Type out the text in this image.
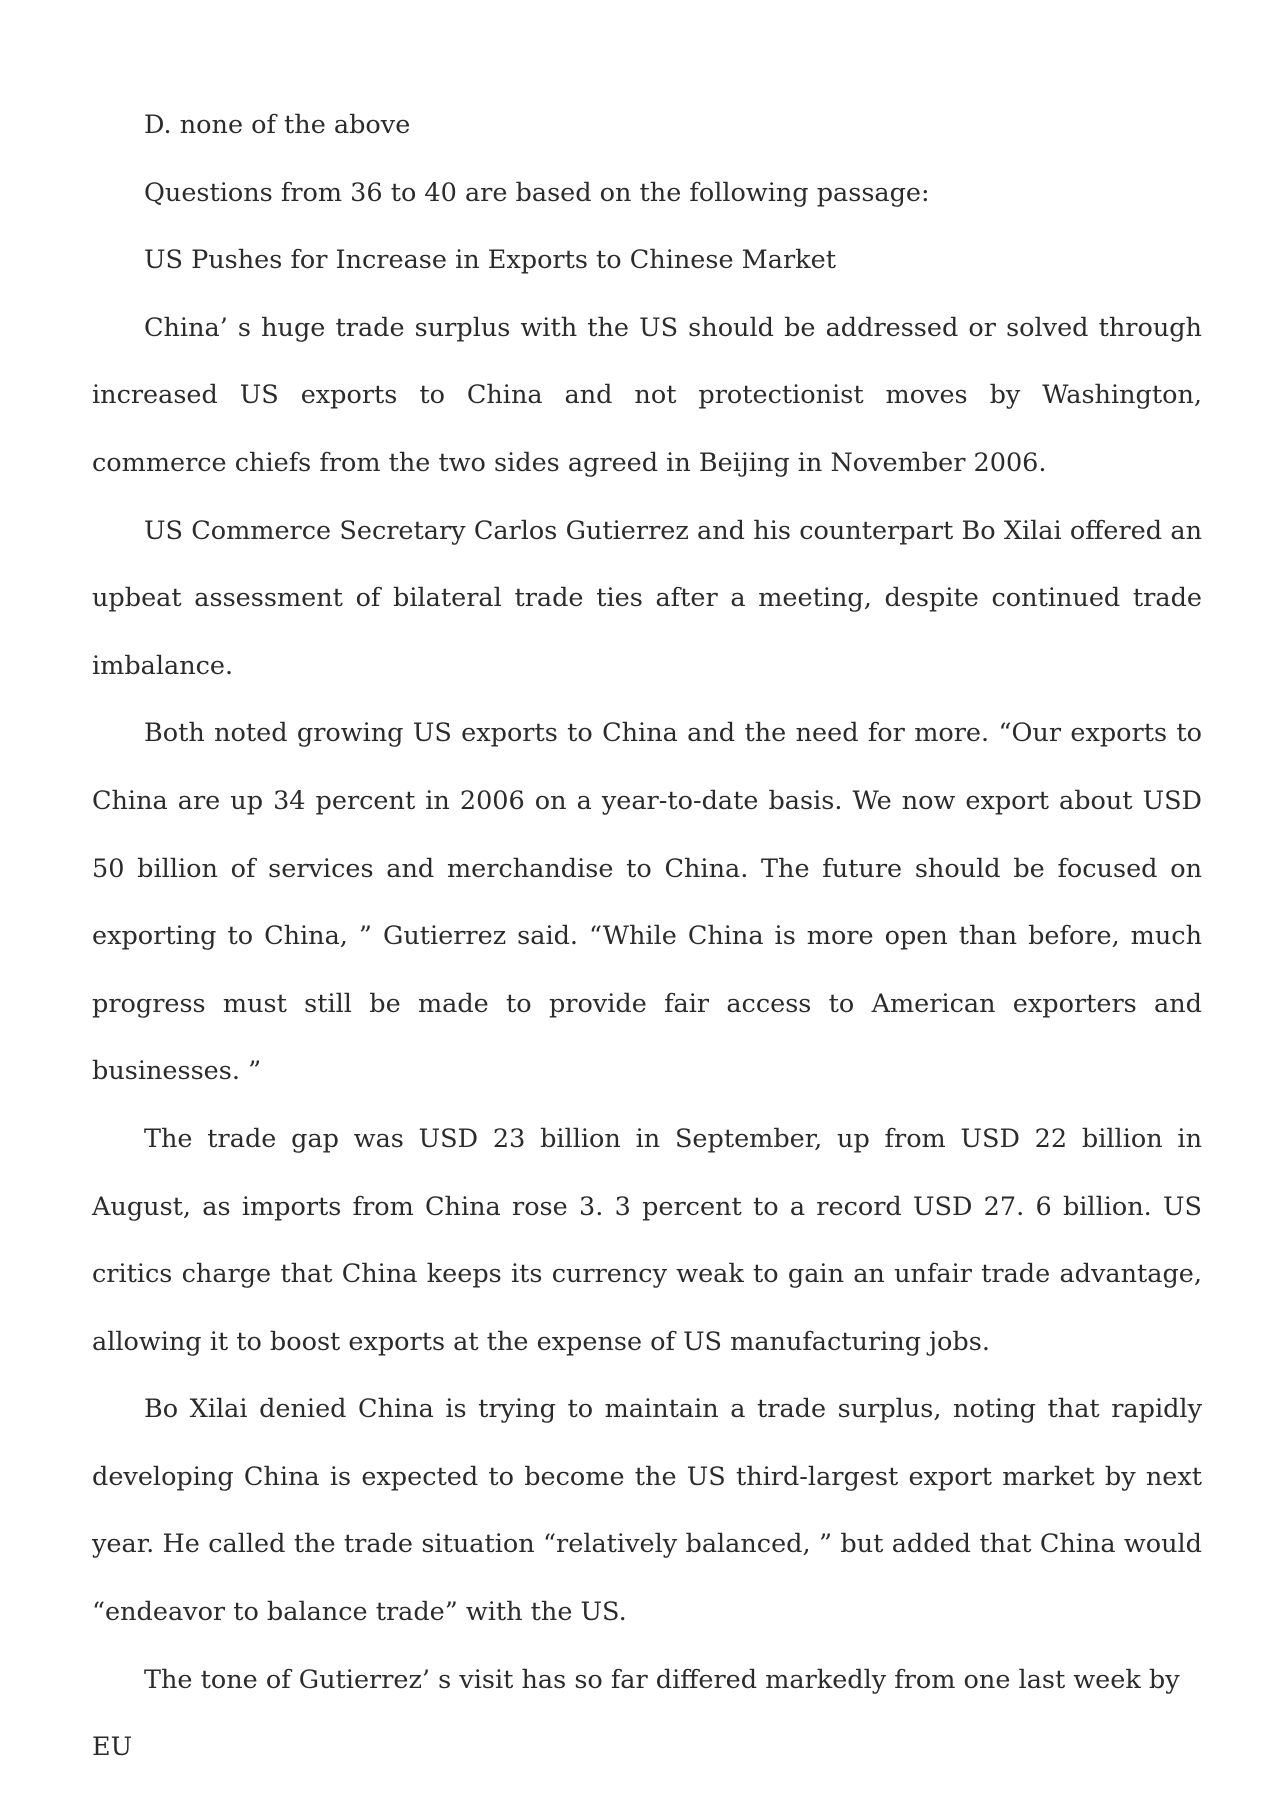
D. none of the above

Questions from 36 to 40 are based on the following passage:

US Pushes for Increase in Exports to Chinese Market

China’ s huge trade surplus with the US should be addressed or solved through increased US exports to China and not protectionist moves by Washington, commerce chiefs from the two sides agreed in Beijing in November 2006.

US Commerce Secretary Carlos Gutierrez and his counterpart Bo Xilai offered an upbeat assessment of bilateral trade ties after a meeting, despite continued trade imbalance.

Both noted growing US exports to China and the need for more. “Our exports to China are up 34 percent in 2006 on a year-to-date basis. We now export about USD 50 billion of services and merchandise to China. The future should be focused on exporting to China, ” Gutierrez said. “While China is more open than before, much progress must still be made to provide fair access to American exporters and businesses. ”

The trade gap was USD 23 billion in September, up from USD 22 billion in August, as imports from China rose 3. 3 percent to a record USD 27. 6 billion. US critics charge that China keeps its currency weak to gain an unfair trade advantage, allowing it to boost exports at the expense of US manufacturing jobs.

Bo Xilai denied China is trying to maintain a trade surplus, noting that rapidly developing China is expected to become the US third-largest export market by next year. He called the trade situation “relatively balanced, ” but added that China would “endeavor to balance trade” with the US.

The tone of Gutierrez’ s visit has so far differed markedly from one last week by EU
